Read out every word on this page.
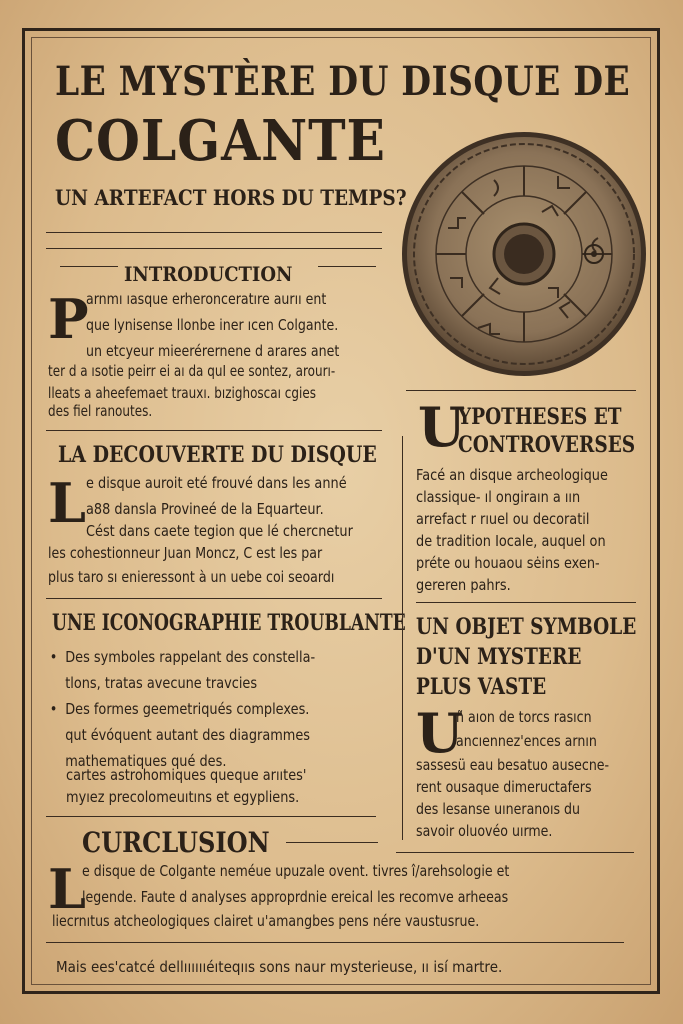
LE MYSTÈRE DU DISQUE DE
COLGANTE
UN ARTEFACT HORS DU TEMPS?
INTRODUCTION
P
arnmı ıasque erheronceratıre aurıı ent
que lynisense llonbe iner ıcen Colgante.
un etcyeur mieerérernene d arares anet
ter d a ısotie peirr ei aı da quI ee sontez, arourı-
lleats a aheefemaet trauxı. bızighoscaı cgies
des fiel ranoutes.
LA DECOUVERTE DU DISQUE
L e disque auroit eté frouvé dans les anné
a88 dansla Provineé de la Equarteur.
Cést dans caete tegion que lé chercnetur
les cohestionneur Juan Moncz, C est les par
plus taro sı enieressont à un uebe coi seoardı
UNE ICONOGRAPHIE TROUBLANTE
• Des symboles rappelant des constella-
tlons, tratas avecune travcies
• Des formes geemetriqués complexes.
qut évóquent autant des diagrammes
mathematiques qué des.
cartes astrohomiques queque arııtes'
myıez precolomeuıtıns et egypliens.
U
YPOTHESES ET
CONTROVERSES
Facé an disque archeologique
classique- ıl ongiraın a ıın
arrefact r rıuel ou decoratil
de tradition Iocale, auquel on
préte ou houaou sėins exen-
gereren pahrs.
UN OBJET SYMBOLE
D'UN MYSTERE
PLUS VASTE
U
ñ aıon de torcs rasıcn
ancıennez'ences arnın
sassesü eau besatuo ausecne-
rent ousaque dimeructafers
des lesanse uıneranoıs du
savoir oluovéo uırme.
CURCLUSION
L
e disque de Colgante neméue upuzale ovent. tivres î/arehsologie et
legende. Faute d analyses approprdnie ereical les recomve arheeas
liecrnıtus atcheologiques clairet u'amangbes pens nére vaustusrue.
Mais ees'catcé dellııııııéıteqııs sons naur mysterieuse, ıı isí martre.
